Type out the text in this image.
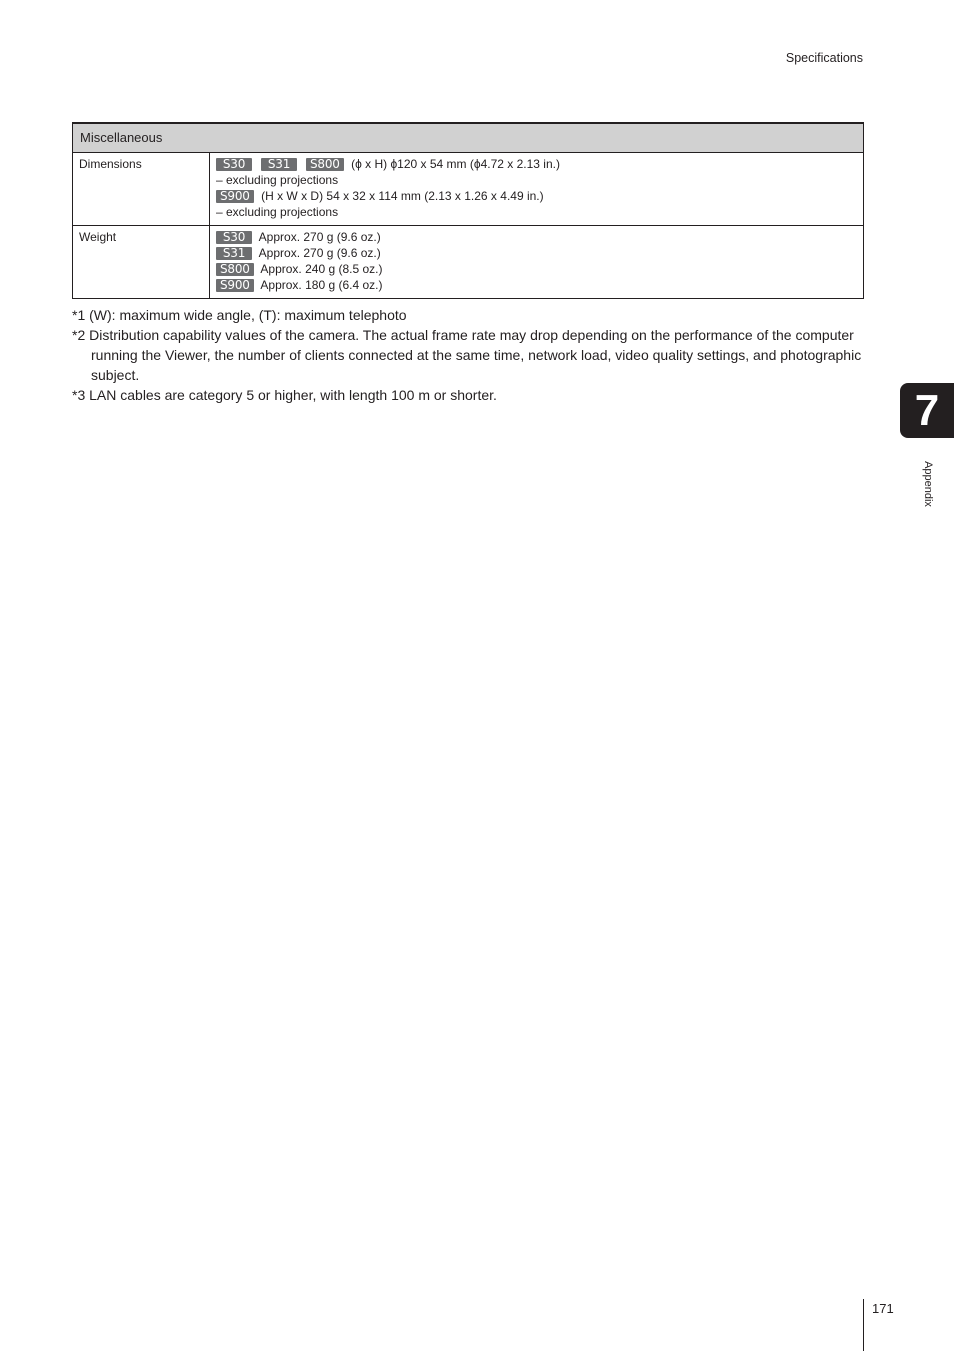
Specifications
Miscellaneous	
Dimensions	S30 S31 S800 (ϕ x H) ϕ120 x 54 mm (ϕ4.72 x 2.13 in.)
– excluding projections
S900 (H x W x D) 54 x 32 x 114 mm (2.13 x 1.26 x 4.49 in.)
– excluding projections

Weight	S30 Approx. 270 g (9.6 oz.)
S31 Approx. 270 g (9.6 oz.)
S800 Approx. 240 g (8.5 oz.)
S900 Approx. 180 g (6.4 oz.)
*1 (W): maximum wide angle, (T): maximum telephoto
*2 Distribution capability values of the camera. The actual frame rate may drop depending on the performance of the computer running the Viewer, the number of clients connected at the same time, network load, video quality settings, and photographic subject.
*3 LAN cables are category 5 or higher, with length 100 m or shorter.	7
Appendix
171
